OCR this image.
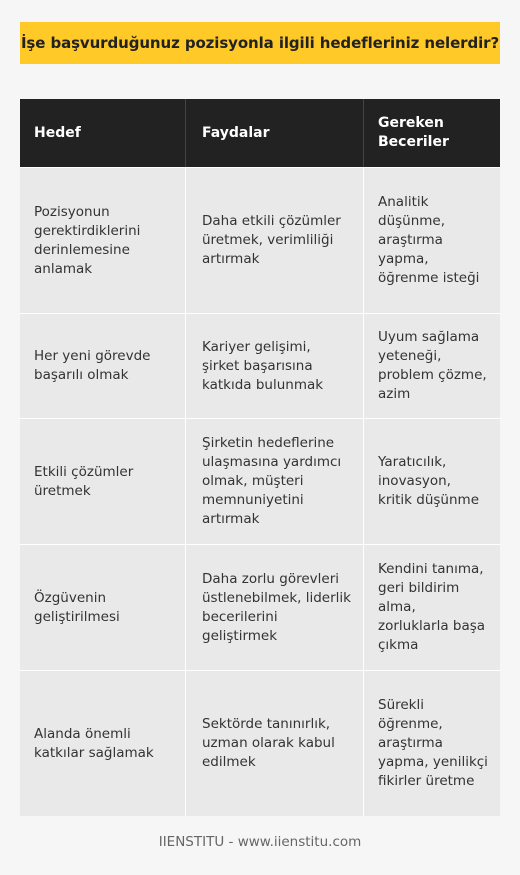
İşe başvurduğunuz pozisyonla ilgili hedefleriniz nelerdir?
Hedef	Faydalar
Gereken Beceriler
Pozisyonun gerektirdiklerini derinlemesine anlamak
Daha etkili çözümler üretmek, verimliliği artırmak
Analitik düşünme, araştırma yapma, öğrenme isteği
Her yeni görevde başarılı olmak
Kariyer gelişimi, şirket başarısına katkıda bulunmak
Uyum sağlama yeteneği, problem çözme, azim
Etkili çözümler üretmek
Şirketin hedeflerine ulaşmasına yardımcı olmak, müşteri memnuniyetini artırmak
Yaratıcılık, inovasyon, kritik düşünme
Özgüvenin geliştirilmesi
Daha zorlu görevleri üstlenebilmek, liderlik becerilerini geliştirmek
Kendini tanıma, geri bildirim alma, zorluklarla başa çıkma
Alanda önemli katkılar sağlamak
Sektörde tanınırlık, uzman olarak kabul edilmek
Sürekli öğrenme, araştırma yapma, yenilikçi fikirler üretme
IIENSTITU - www.iienstitu.com
